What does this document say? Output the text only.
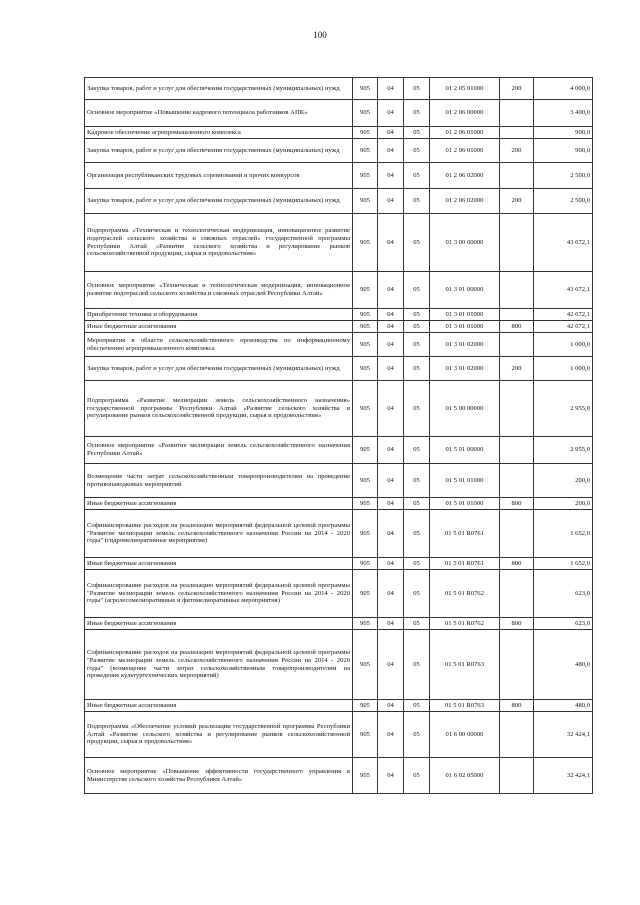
100
Закупка товаров, работ и услуг для обеспечения государственных (муниципальных) нужд	905	04	05	01 2 05 01000	200	4 000,0
Основное мероприятие «Повышение кадрового потенциала работников АПК»	905	04	05	01 2 06 00000		3 400,0
Кадровое обеспечение агропромышленного комплекса	905	04	05	01 2 06 01000		900,0
Закупка товаров, работ и услуг для обеспечения государственных (муниципальных) нужд	905	04	05	01 2 06 01000	200	900,0
Организация республиканских трудовых соревнований и прочих конкурсов	905	04	05	01 2 06 02000		2 500,0
Закупка товаров, работ и услуг для обеспечения государственных (муниципальных) нужд	905	04	05	01 2 06 02000	200	2 500,0
Подпрограмма «Техническая и технологическая модернизация, инновационное развитие подотраслей сельского хозяйства и смежных отраслей» государственной программы Республики Алтай «Развитие сельского хозяйства и регулирование рынков сельскохозяйственной продукции, сырья и продовольствия»	905	04	05	01 3 00 00000		43 672,1
Основное мероприятие «Техническая и технологическая модернизация, инновационное развитие подотраслей сельского хозяйства и смежных отраслей Республики Алтай»	905	04	05	01 3 01 00000		43 672,1
Приобретение техники и оборудования	905	04	05	01 3 01 01000		42 672,1
Иные бюджетные ассигнования	905	04	05	01 3 01 01000	800	42 672,1
Мероприятия в области сельскохозяйственного производства по информационному обеспечению агропромышленного комплекса	905	04	05	01 3 01 02000		1 000,0
Закупка товаров, работ и услуг для обеспечения государственных (муниципальных) нужд	905	04	05	01 3 01 02000	200	1 000,0
Подпрограмма «Развитие мелиорации земель сельскохозяйственного назначения» государственной программы Республики Алтай «Развитие сельского хозяйства и регулирование рынков сельскохозяйственной продукции, сырья и продовольствия»	905	04	05	01 5 00 00000		2 955,0
Основное мероприятие «Развитие мелиорации земель сельскохозяйственного назначения Республики Алтай»	905	04	05	01 5 01 00000		2 955,0
Возмещение части затрат сельскохозяйственным товаропроизводителям на проведение противопаводковых мероприятий	905	04	05	01 5 01 01000		200,0
Иные бюджетные ассигнования	905	04	05	01 5 01 01000	800	200,0
Софинансирование расходов на реализацию мероприятий федеральной целевой программы "Развитие мелиорации земель сельскохозяйственного назначения России на 2014 - 2020 годы" (гидромелиоративные мероприятия)	905	04	05	01 5 01 R0761		1 652,0
Иные бюджетные ассигнования	905	04	05	01 5 01 R0761	800	1 652,0
Софинансирование расходов на реализацию мероприятий федеральной целевой программы "Развитие мелиорации земель сельскохозяйственного назначения России на 2014 - 2020 годы" (агролесомелиоративные и фитомелиоративные мероприятия)	905	04	05	01 5 01 R0762		623,0
Иные бюджетные ассигнования	905	04	05	01 5 01 R0762	800	623,0
Софинансирование расходов на реализацию мероприятий федеральной целевой программы "Развитие мелиорации земель сельскохозяйственного назначения России на 2014 - 2020 годы" (возмещение части затрат сельскохозяйственным товаропроизводителям на проведение культуртехнических мероприятий)	905	04	05	01 5 01 R0763		480,0
Иные бюджетные ассигнования	905	04	05	01 5 01 R0763	800	480,0
Подпрограмма «Обеспечение условий реализации государственной программы Республики Алтай «Развитие сельского хозяйства и регулирование рынков сельскохозяйственной продукции, сырья и продовольствия»	905	04	05	01 6 00 00000		32 424,1
Основное мероприятие «Повышение эффективности государственного управления в Министерстве сельского хозяйства Республики Алтай»	905	04	05	01 6 02 05000		32 424,1
